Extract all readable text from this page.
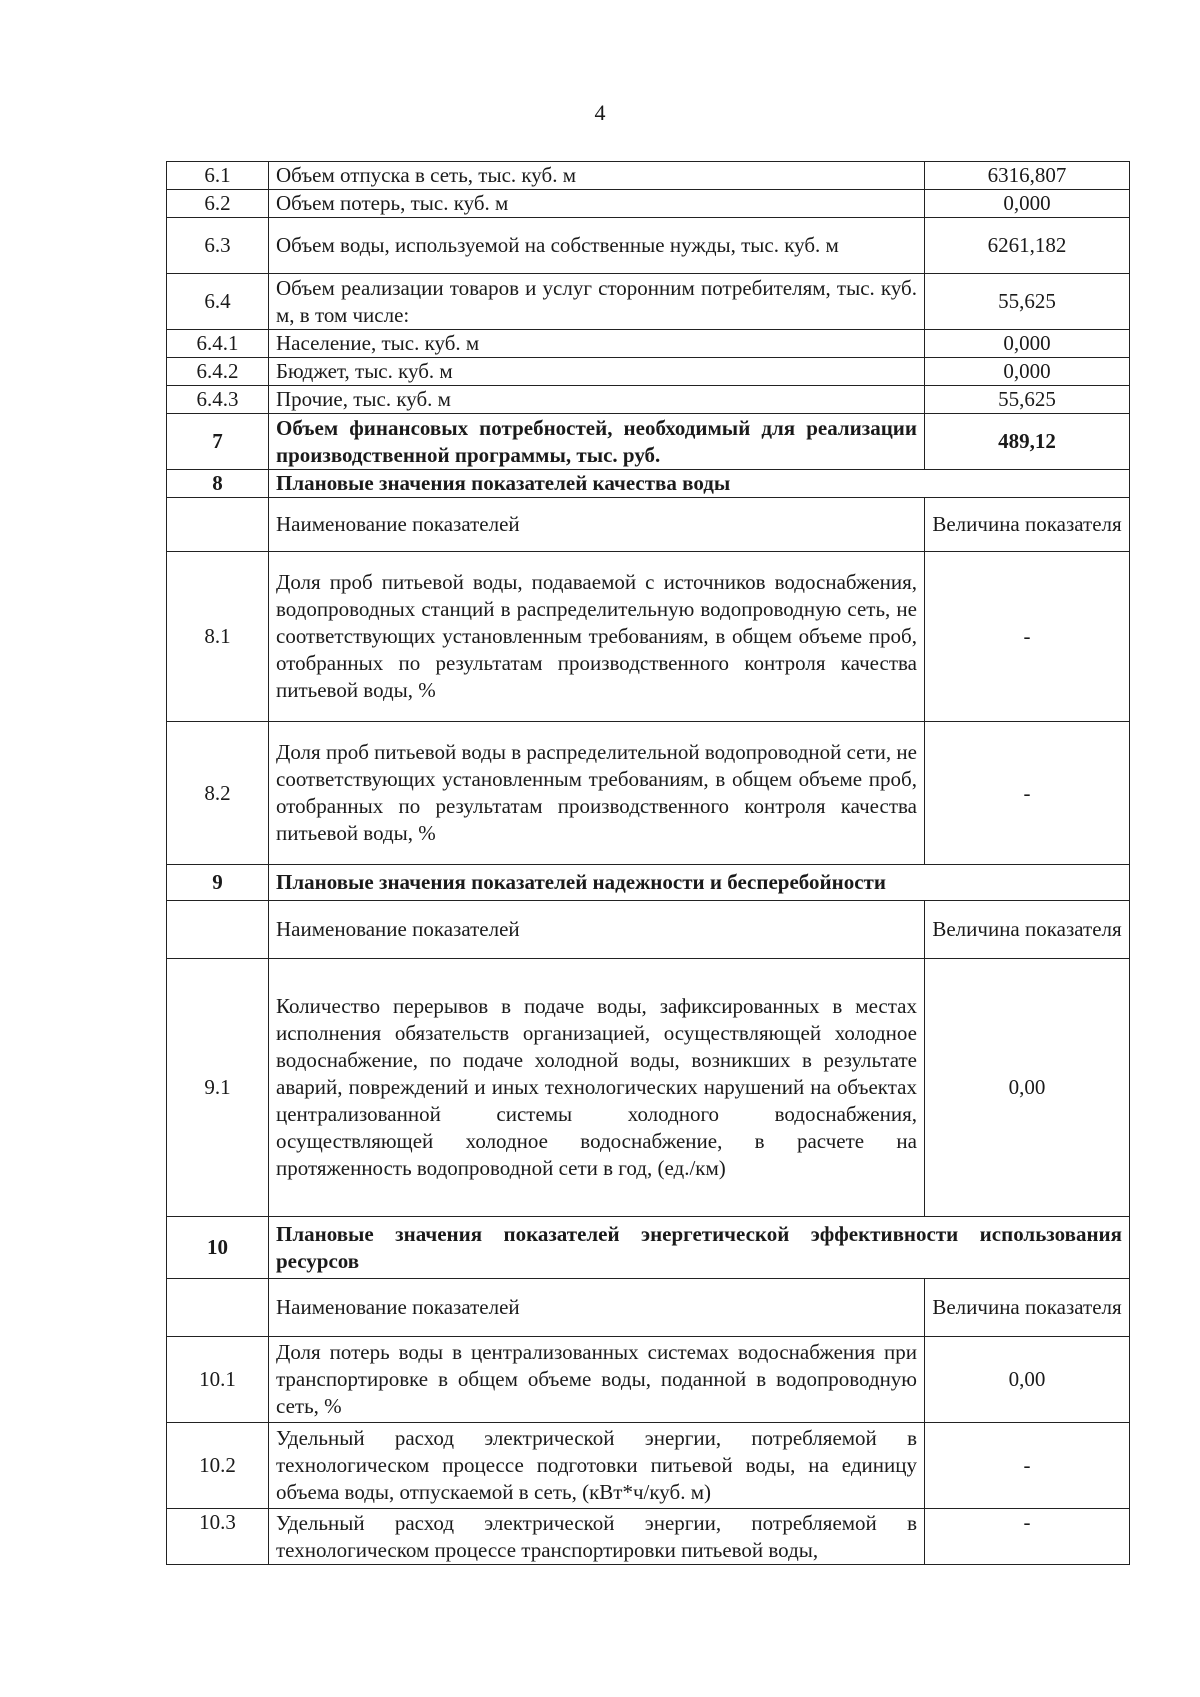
4
6.1	Объем отпуска в сеть, тыс. куб. м	6316,807
6.2	Объем потерь, тыс. куб. м	0,000
6.3	Объем воды, используемой на собственные нужды, тыс. куб. м	6261,182
6.4	Объем реализации товаров и услуг сторонним потребителям, тыс. куб. м, в том числе:	55,625
6.4.1	Население, тыс. куб. м	0,000
6.4.2	Бюджет, тыс. куб. м	0,000
6.4.3	Прочие, тыс. куб. м	55,625
7	Объем финансовых потребностей, необходимый для реализации производственной программы, тыс. руб.	489,12
8	Плановые значения показателей качества воды	
	Наименование показателей	Величина показателя
8.1	Доля проб питьевой воды, подаваемой с источников водоснабжения, водопроводных станций в распределительную водопроводную сеть, не соответствующих установленным требованиям, в общем объеме проб, отобранных по результатам производственного контроля качества питьевой воды, %	-
8.2	Доля проб питьевой воды в распределительной водопроводной сети, не соответствующих установленным требованиям, в общем объеме проб, отобранных по результатам производственного контроля качества питьевой воды, %	-
9	Плановые значения показателей надежности и бесперебойности	
	Наименование показателей	Величина показателя
9.1	Количество перерывов в подаче воды, зафиксированных в местах исполнения обязательств организацией, осуществляющей холодное водоснабжение, по подаче холодной воды, возникших в результате аварий, повреждений и иных технологических нарушений на объектах централизованной системы холодного водоснабжения, осуществляющей холодное водоснабжение, в расчете на протяженность водопроводной сети в год, (ед./км)	0,00
10	Плановые значения показателей энергетической эффективности использования ресурсов	
	Наименование показателей	Величина показателя
10.1	Доля потерь воды в централизованных системах водоснабжения при транспортировке в общем объеме воды, поданной в водопроводную сеть, %	0,00
10.2	Удельный расход электрической энергии, потребляемой в технологическом процессе подготовки питьевой воды, на единицу объема воды, отпускаемой в сеть, (кВт*ч/куб. м)	-
10.3	Удельный расход электрической энергии, потребляемой в технологическом процессе транспортировки питьевой воды,	-
